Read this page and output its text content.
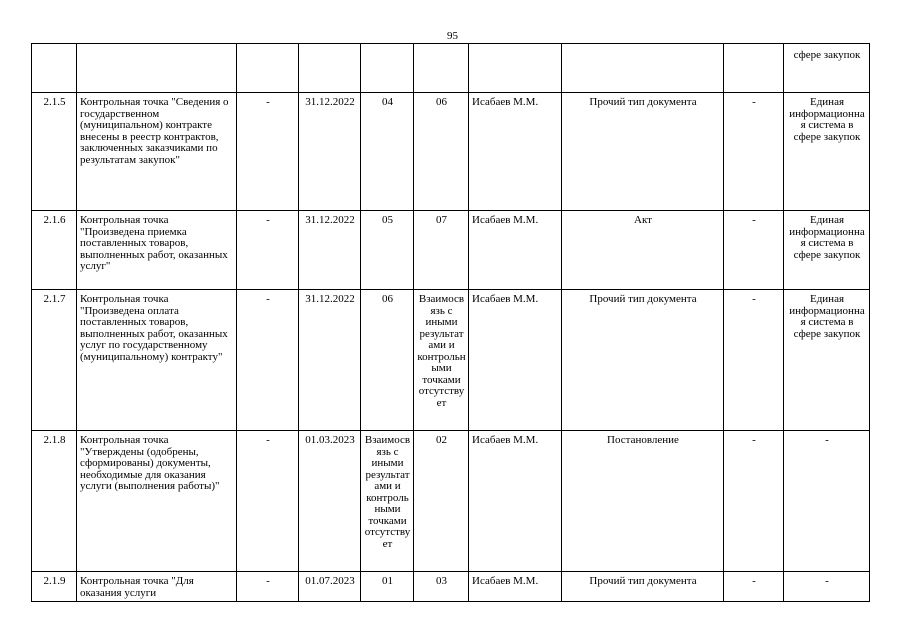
95
									сфере закупок
2.1.5	Контрольная точка "Сведения о государственном (муниципальном) контракте внесены в реестр контрактов, заключенных заказчиками по результатам закупок"	-	31.12.2022	04	06	Исабаев М.М.	Прочий тип документа	-	Единая информационная система в сфере закупок
2.1.6	Контрольная точка "Произведена приемка поставленных товаров, выполненных работ, оказанных услуг"	-	31.12.2022	05	07	Исабаев М.М.	Акт	-	Единая информационная система в сфере закупок
2.1.7	Контрольная точка "Произведена оплата поставленных товаров, выполненных работ, оказанных услуг по государственному (муниципальному) контракту"	-	31.12.2022	06	Взаимосвязь с иными результатами и контрольными точками отсутствует	Исабаев М.М.	Прочий тип документа	-	Единая информационная система в сфере закупок
2.1.8	Контрольная точка "Утверждены (одобрены, сформированы) документы, необходимые для оказания услуги (выполнения работы)"	-	01.03.2023	Взаимосвязь с иными результатами и контрольными точками отсутствует	02	Исабаев М.М.	Постановление	-	-
2.1.9	Контрольная точка "Для оказания услуги	-	01.07.2023	01	03	Исабаев М.М.	Прочий тип документа	-	-
